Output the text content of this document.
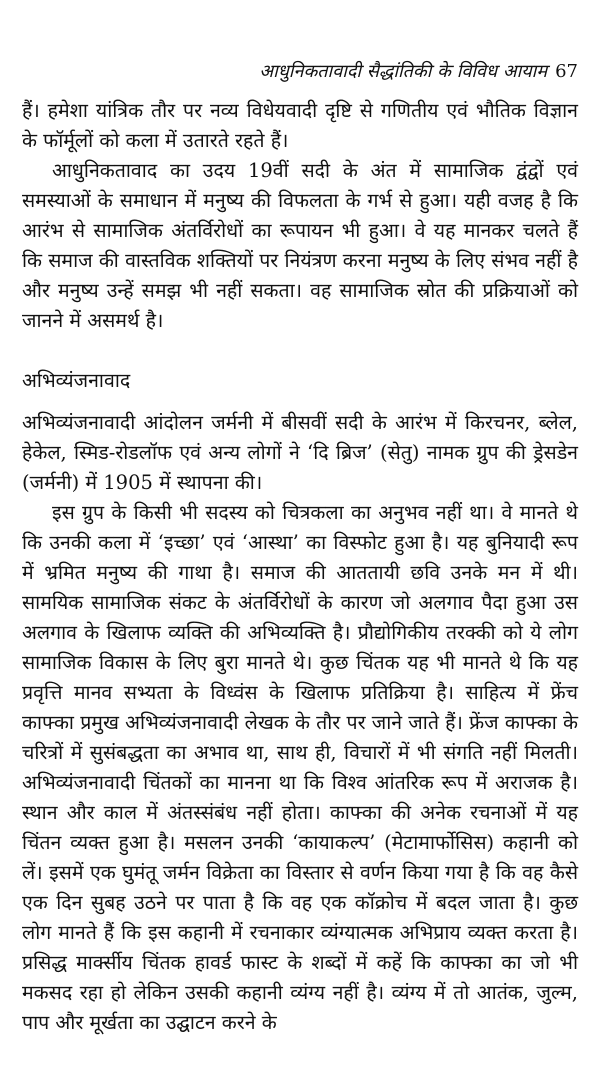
आधुनिकतावादी सैद्धांतिकी के विविध आयाम 67

हैं। हमेशा यांत्रिक तौर पर नव्य विधेयवादी दृष्टि से गणितीय एवं भौतिक विज्ञान के फॉर्मूलों को कला में उतारते रहते हैं।

आधुनिकतावाद का उदय 19वीं सदी के अंत में सामाजिक द्वंद्वों एवं समस्याओं के समाधान में मनुष्य की विफलता के गर्भ से हुआ। यही वजह है कि आरंभ से सामाजिक अंतर्विरोधों का रूपायन भी हुआ। वे यह मानकर चलते हैं कि समाज की वास्तविक शक्तियों पर नियंत्रण करना मनुष्य के लिए संभव नहीं है और मनुष्य उन्हें समझ भी नहीं सकता। वह सामाजिक स्रोत की प्रक्रियाओं को जानने में असमर्थ है।

अभिव्यंजनावाद

अभिव्यंजनावादी आंदोलन जर्मनी में बीसवीं सदी के आरंभ में किरचनर, ब्लेल, हेकेल, स्मिड-रोडलॉफ एवं अन्य लोगों ने ‘दि ब्रिज’ (सेतु) नामक ग्रुप की ड्रेसडेन (जर्मनी) में 1905 में स्थापना की।

इस ग्रुप के किसी भी सदस्य को चित्रकला का अनुभव नहीं था। वे मानते थे कि उनकी कला में ‘इच्छा’ एवं ‘आस्था’ का विस्फोट हुआ है। यह बुनियादी रूप में भ्रमित मनुष्य की गाथा है। समाज की आततायी छवि उनके मन में थी। सामयिक सामाजिक संकट के अंतर्विरोधों के कारण जो अलगाव पैदा हुआ उस अलगाव के खिलाफ व्यक्ति की अभिव्यक्ति है। प्रौद्योगिकीय तरक्की को ये लोग सामाजिक विकास के लिए बुरा मानते थे। कुछ चिंतक यह भी मानते थे कि यह प्रवृत्ति मानव सभ्यता के विध्वंस के खिलाफ प्रतिक्रिया है। साहित्य में फ्रेंच काफ्का प्रमुख अभिव्यंजनावादी लेखक के तौर पर जाने जाते हैं। फ्रेंज काफ्का के चरित्रों में सुसंबद्धता का अभाव था, साथ ही, विचारों में भी संगति नहीं मिलती। अभिव्यंजनावादी चिंतकों का मानना था कि विश्व आंतरिक रूप में अराजक है। स्थान और काल में अंतस्संबंध नहीं होता। काफ्का की अनेक रचनाओं में यह चिंतन व्यक्त हुआ है। मसलन उनकी ‘कायाकल्प’ (मेटामार्फोसिस) कहानी को लें। इसमें एक घुमंतू जर्मन विक्रेता का विस्तार से वर्णन किया गया है कि वह कैसे एक दिन सुबह उठने पर पाता है कि वह एक कॉक्रोच में बदल जाता है। कुछ लोग मानते हैं कि इस कहानी में रचनाकार व्यंग्यात्मक अभिप्राय व्यक्त करता है। प्रसिद्ध मार्क्सीय चिंतक हावर्ड फास्ट के शब्दों में कहें कि काफ्का का जो भी मकसद रहा हो लेकिन उसकी कहानी व्यंग्य नहीं है। व्यंग्य में तो आतंक, जुल्म, पाप और मूर्खता का उद्घाटन करने के
